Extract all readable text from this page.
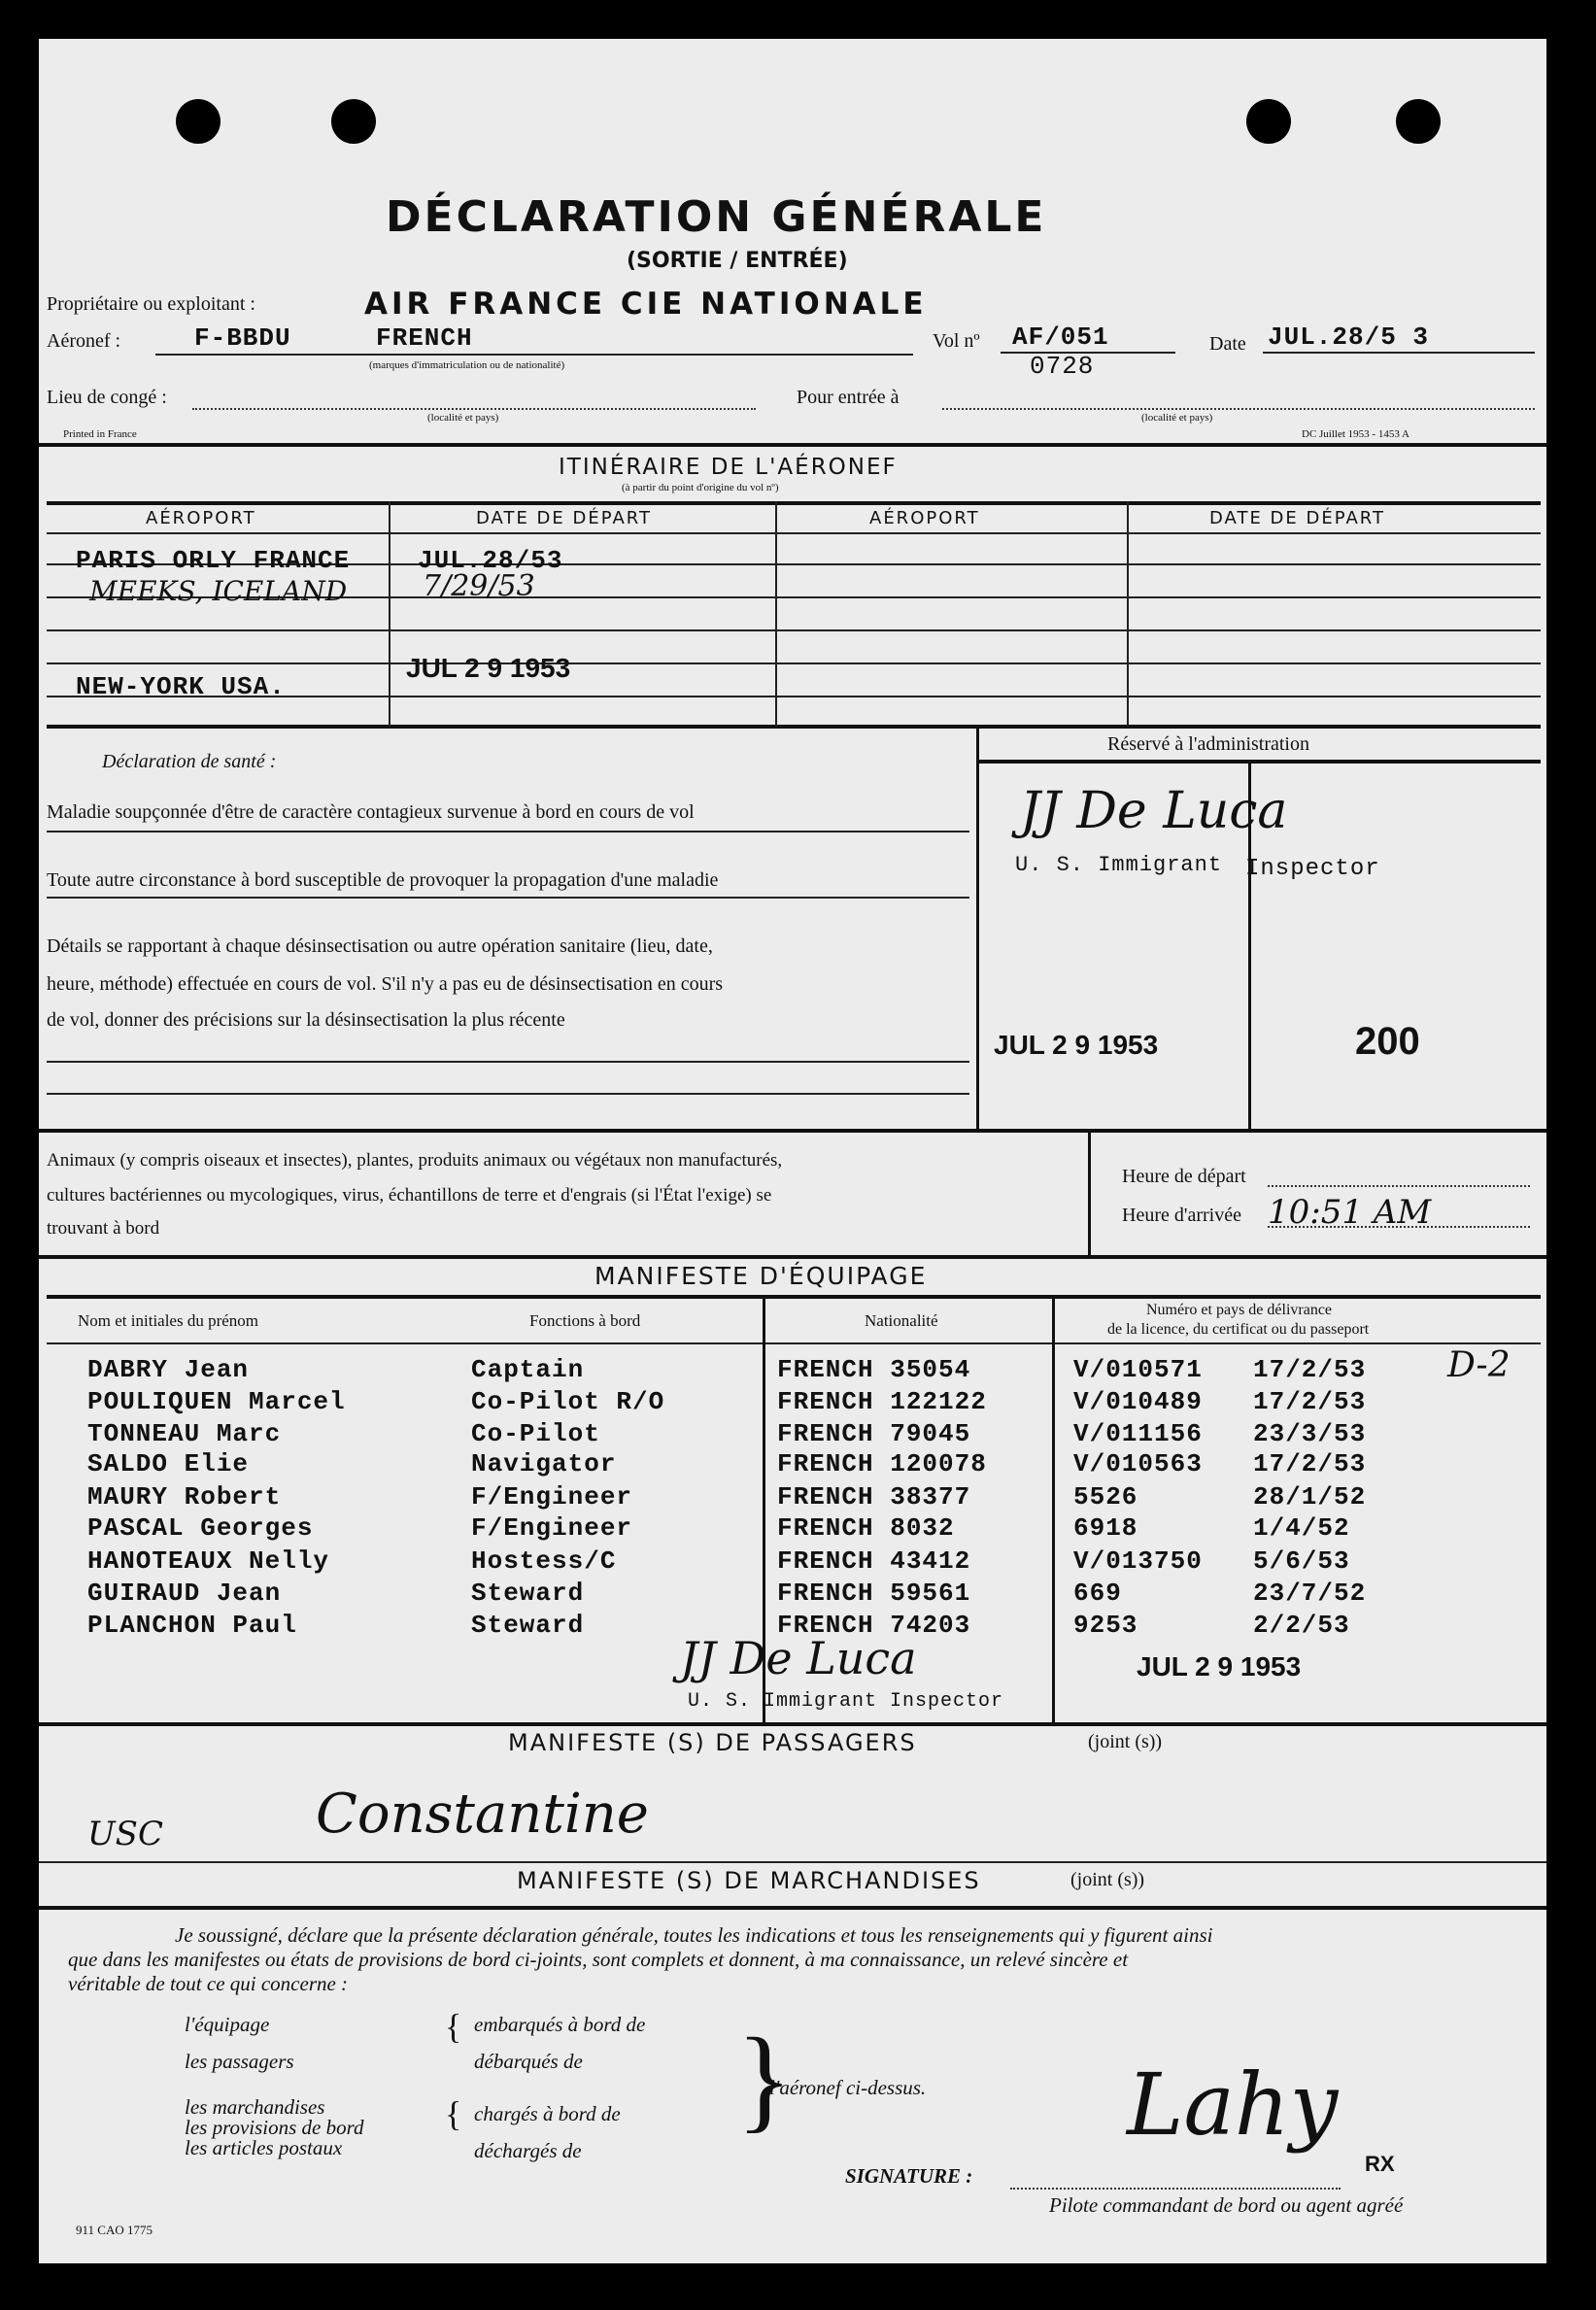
DÉCLARATION GÉNÉRALE
(SORTIE / ENTRÉE)
Propriétaire ou exploitant :	AIR FRANCE CIE NATIONALE
Aéronef :	F-BBDU	FRENCH
(marques d'immatriculation ou de nationalité)
Vol nº AF/051
0728
Date JUL.28/5 3
Lieu de congé :
(localité et pays)
Pour entrée à
(localité et pays)
Printed in France	DC Juillet 1953 - 1453 A
ITINÉRAIRE DE L'AÉRONEF
(à partir du point d'origine du vol nº)
AÉROPORT	DATE DE DÉPART	AÉROPORT	DATE DE DÉPART
PARIS ORLY FRANCE	JUL.28/53
MEEKS, ICELAND	7/29/53
NEW-YORK USA.
JUL 2 9 1953
Déclaration de santé :
Maladie soupçonnée d'être de caractère contagieux survenue à bord en cours de vol
Toute autre circonstance à bord susceptible de provoquer la propagation d'une maladie
Détails se rapportant à chaque désinsectisation ou autre opération sanitaire (lieu, date,
heure, méthode) effectuée en cours de vol. S'il n'y a pas eu de désinsectisation en cours
de vol, donner des précisions sur la désinsectisation la plus récente
Réservé à l'administration
JJ De Luca
U. S. Immigrant Inspector
JUL 2 9 1953	200
Animaux (y compris oiseaux et insectes), plantes, produits animaux ou végétaux non manufacturés,
cultures bactériennes ou mycologiques, virus, échantillons de terre et d'engrais (si l'État l'exige) se
trouvant à bord
Heure de départ
Heure d'arrivée 10:51 AM
MANIFESTE D'ÉQUIPAGE
Nom et initiales du prénom	Fonctions à bord	Nationalité
Numéro et pays de délivrance
de la licence, du certificat ou du passeport
D-2
DABRY Jean	Captain	FRENCH 35054	V/010571 17/2/53
POULIQUEN Marcel	Co-Pilot R/O	FRENCH 122122	V/010489 17/2/53
TONNEAU Marc	Co-Pilot	FRENCH 79045	V/011156 23/3/53
SALDO Elie	Navigator	FRENCH 120078	V/010563 17/2/53
MAURY Robert	F/Engineer	FRENCH 38377	5526	28/1/52
PASCAL Georges	F/Engineer	FRENCH 8032	6918	1/4/52
HANOTEAUX Nelly	Hostess/C	FRENCH 43412	V/013750 5/6/53
GUIRAUD Jean	Steward	FRENCH 59561	669	23/7/52
PLANCHON Paul	Steward	FRENCH 74203	9253	2/2/53
JJ De Luca
U. S. Immigrant Inspector
JUL 2 9 1953
MANIFESTE (S) DE PASSAGERS	(joint (s))
USC	Constantine
MANIFESTE (S) DE MARCHANDISES	(joint (s))
Je soussigné, déclare que la présente déclaration générale, toutes les indications et tous les renseignements qui y figurent ainsi
que dans les manifestes ou états de provisions de bord ci-joints, sont complets et donnent, à ma connaissance, un relevé sincère et
véritable de tout ce qui concerne :
l'équipage
les passagers
les marchandises
les provisions de bord
les articles postaux
{
{
embarqués à bord de
débarqués de
chargés à bord de
déchargés de
}
l'aéronef ci-dessus.
SIGNATURE :
Lahy
RX
Pilote commandant de bord ou agent agréé
911 CAO 1775
